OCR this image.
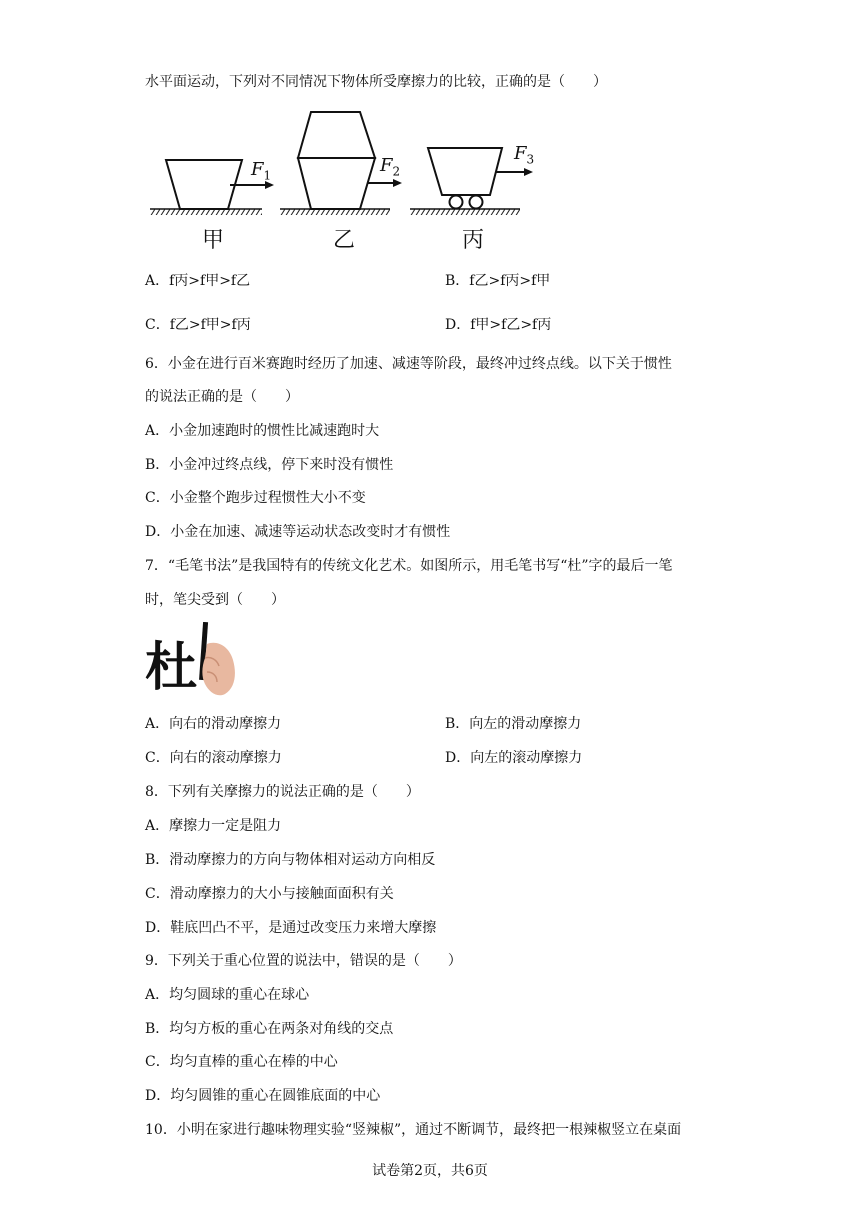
水平面运动，下列对不同情况下物体所受摩擦力的比较，正确的是（　　）
$F_1$	$F_2$
$F_3$
甲	乙	丙
A．f丙>f甲>f乙	B．f乙>f丙>f甲
C．f乙>f甲>f丙	D．f甲>f乙>f丙
6．小金在进行百米赛跑时经历了加速、减速等阶段，最终冲过终点线。以下关于惯性
的说法正确的是（　　）
A．小金加速跑时的惯性比减速跑时大
B．小金冲过终点线，停下来时没有惯性
C．小金整个跑步过程惯性大小不变
D．小金在加速、减速等运动状态改变时才有惯性
7．“毛笔书法”是我国特有的传统文化艺术。如图所示，用毛笔书写“杜”字的最后一笔
时，笔尖受到（　　）
杜
A．向右的滑动摩擦力	B．向左的滑动摩擦力
C．向右的滚动摩擦力	D．向左的滚动摩擦力
8．下列有关摩擦力的说法正确的是（　　）
A．摩擦力一定是阻力
B．滑动摩擦力的方向与物体相对运动方向相反
C．滑动摩擦力的大小与接触面面积有关
D．鞋底凹凸不平，是通过改变压力来增大摩擦
9．下列关于重心位置的说法中，错误的是（　　）
A．均匀圆球的重心在球心
B．均匀方板的重心在两条对角线的交点
C．均匀直棒的重心在棒的中心
D．均匀圆锥的重心在圆锥底面的中心
10．小明在家进行趣味物理实验“竖辣椒”，通过不断调节，最终把一根辣椒竖立在桌面
试卷第2页，共6页
